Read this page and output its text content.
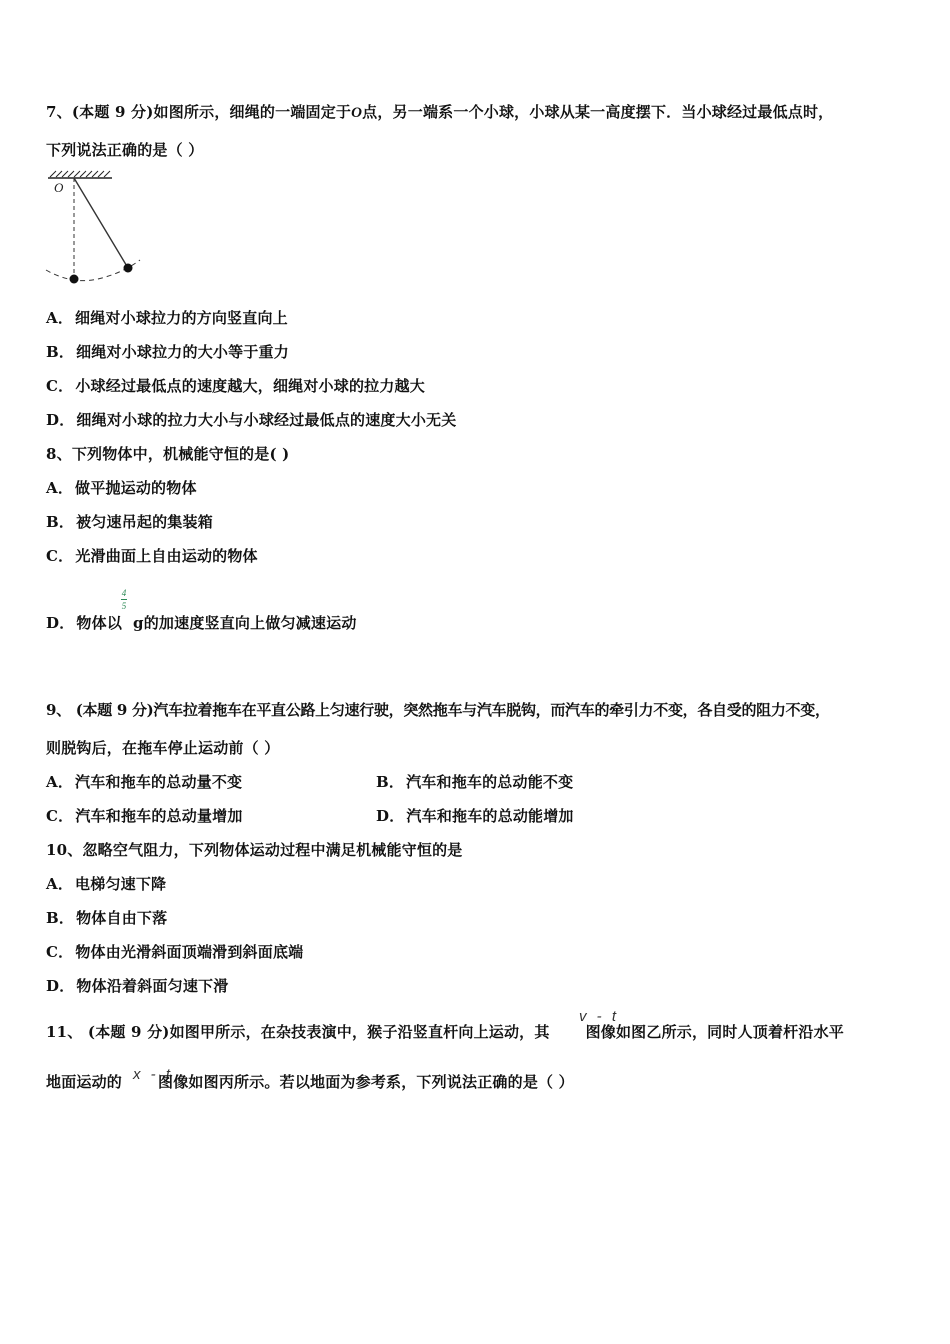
7、(本题 9 分)如图所示，细绳的一端固定于O点，另一端系一个小球，小球从某一高度摆下．当小球经过最低点时，
下列说法正确的是（ ）
O
A． 细绳对小球拉力的方向竖直向上
B． 细绳对小球拉力的大小等于重力
C． 小球经过最低点的速度越大，细绳对小球的拉力越大
D． 细绳对小球的拉力大小与小球经过最低点的速度大小无关
8、下列物体中，机械能守恒的是( )
A． 做平抛运动的物体
B． 被匀速吊起的集装箱
C． 光滑曲面上自由运动的物体
4
5
D． 物体以 g的加速度竖直向上做匀减速运动
9、 (本题 9 分)汽车拉着拖车在平直公路上匀速行驶，突然拖车与汽车脱钩，而汽车的牵引力不变，各自受的阻力不变，
则脱钩后，在拖车停止运动前（ ）
A． 汽车和拖车的总动量不变	B． 汽车和拖车的总动能不变
C． 汽车和拖车的总动量增加	D． 汽车和拖车的总动能增加
10、忽略空气阻力，下列物体运动过程中满足机械能守恒的是
A． 电梯匀速下降
B． 物体自由下落
C． 物体由光滑斜面顶端滑到斜面底端
D． 物体沿着斜面匀速下滑
v - t
11、 (本题 9 分)如图甲所示，在杂技表演中，猴子沿竖直杆向上运动，其 图像如图乙所示，同时人顶着杆沿水平
x - t
地面运动的 图像如图丙所示。若以地面为参考系，下列说法正确的是（ ）
